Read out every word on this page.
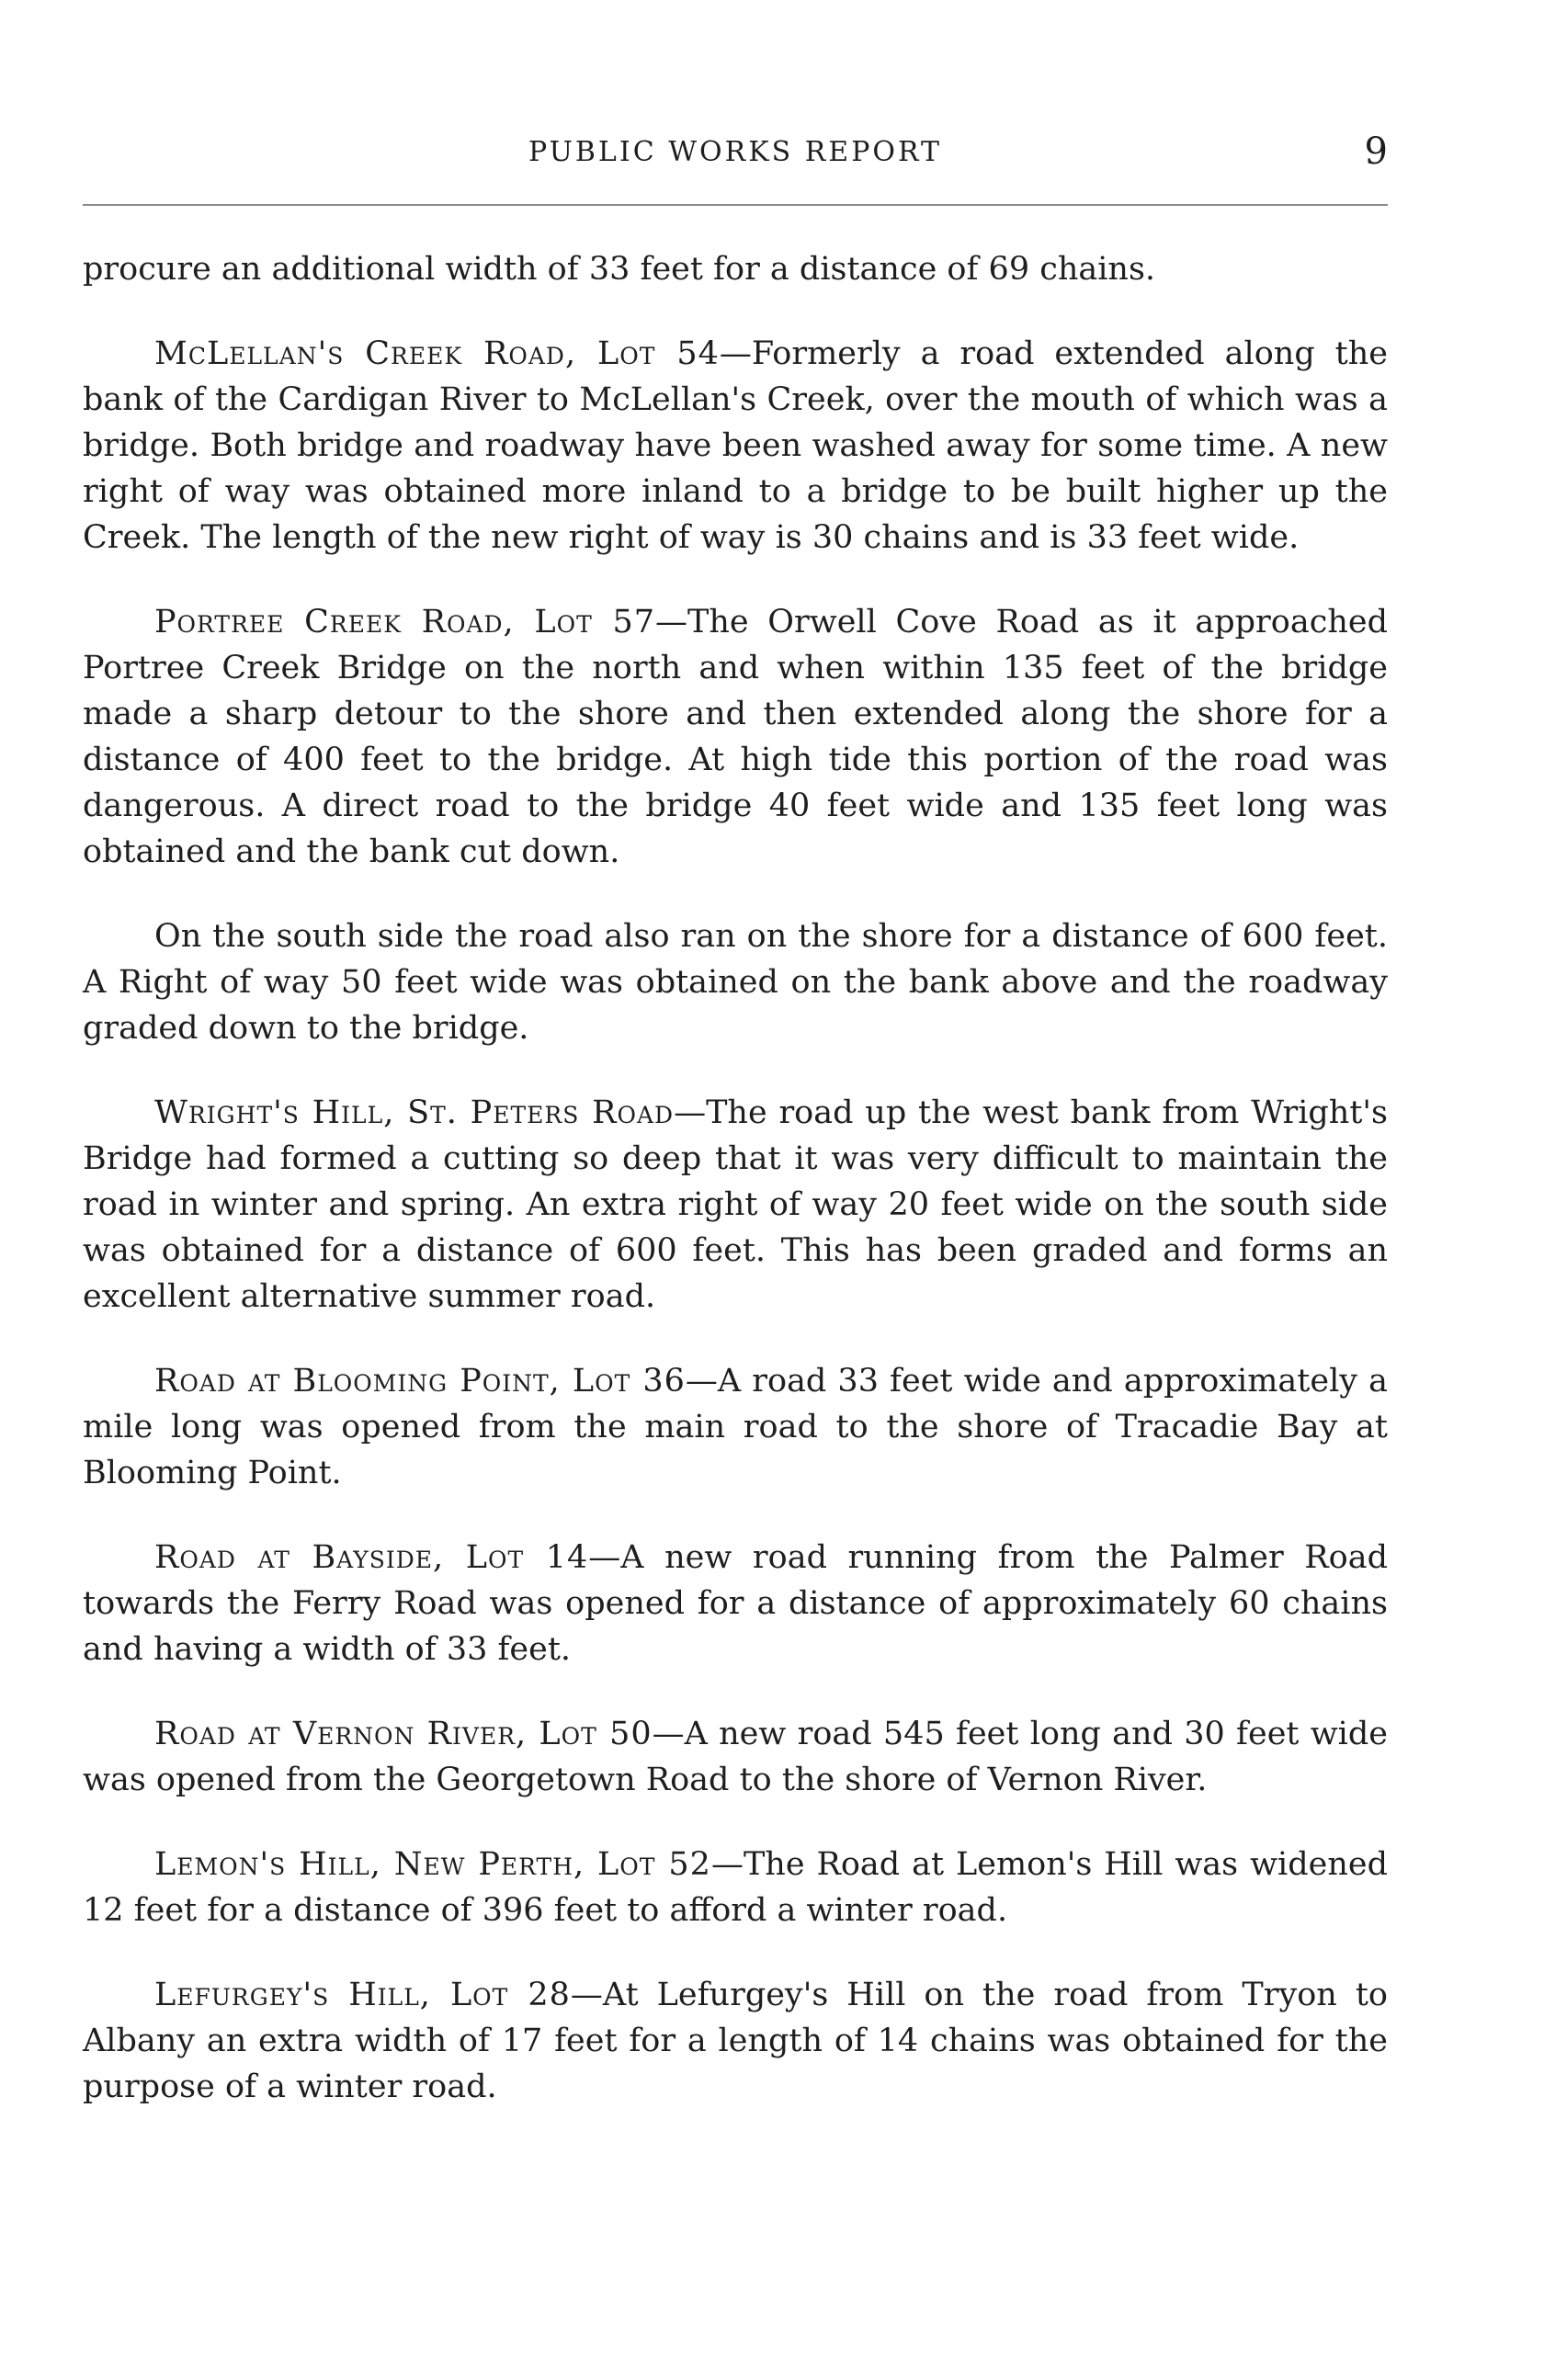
PUBLIC WORKS REPORT	9

procure an additional width of 33 feet for a distance of 69 chains.

McLellan's Creek Road, Lot 54—Formerly a road extended along the bank of the Cardigan River to McLellan's Creek, over the mouth of which was a bridge. Both bridge and roadway have been washed away for some time. A new right of way was obtained more inland to a bridge to be built higher up the Creek. The length of the new right of way is 30 chains and is 33 feet wide.

Portree Creek Road, Lot 57—The Orwell Cove Road as it approached Portree Creek Bridge on the north and when within 135 feet of the bridge made a sharp detour to the shore and then extended along the shore for a distance of 400 feet to the bridge. At high tide this portion of the road was dangerous. A direct road to the bridge 40 feet wide and 135 feet long was obtained and the bank cut down.

On the south side the road also ran on the shore for a distance of 600 feet. A Right of way 50 feet wide was obtained on the bank above and the roadway graded down to the bridge.

Wright's Hill, St. Peters Road—The road up the west bank from Wright's Bridge had formed a cutting so deep that it was very difficult to maintain the road in winter and spring. An extra right of way 20 feet wide on the south side was obtained for a distance of 600 feet. This has been graded and forms an excellent alternative summer road.

Road at Blooming Point, Lot 36—A road 33 feet wide and approximately a mile long was opened from the main road to the shore of Tracadie Bay at Blooming Point.

Road at Bayside, Lot 14—A new road running from the Palmer Road towards the Ferry Road was opened for a distance of approximately 60 chains and having a width of 33 feet.

Road at Vernon River, Lot 50—A new road 545 feet long and 30 feet wide was opened from the Georgetown Road to the shore of Vernon River.

Lemon's Hill, New Perth, Lot 52—The Road at Lemon's Hill was widened 12 feet for a distance of 396 feet to afford a winter road.

Lefurgey's Hill, Lot 28—At Lefurgey's Hill on the road from Tryon to Albany an extra width of 17 feet for a length of 14 chains was obtained for the purpose of a winter road.
